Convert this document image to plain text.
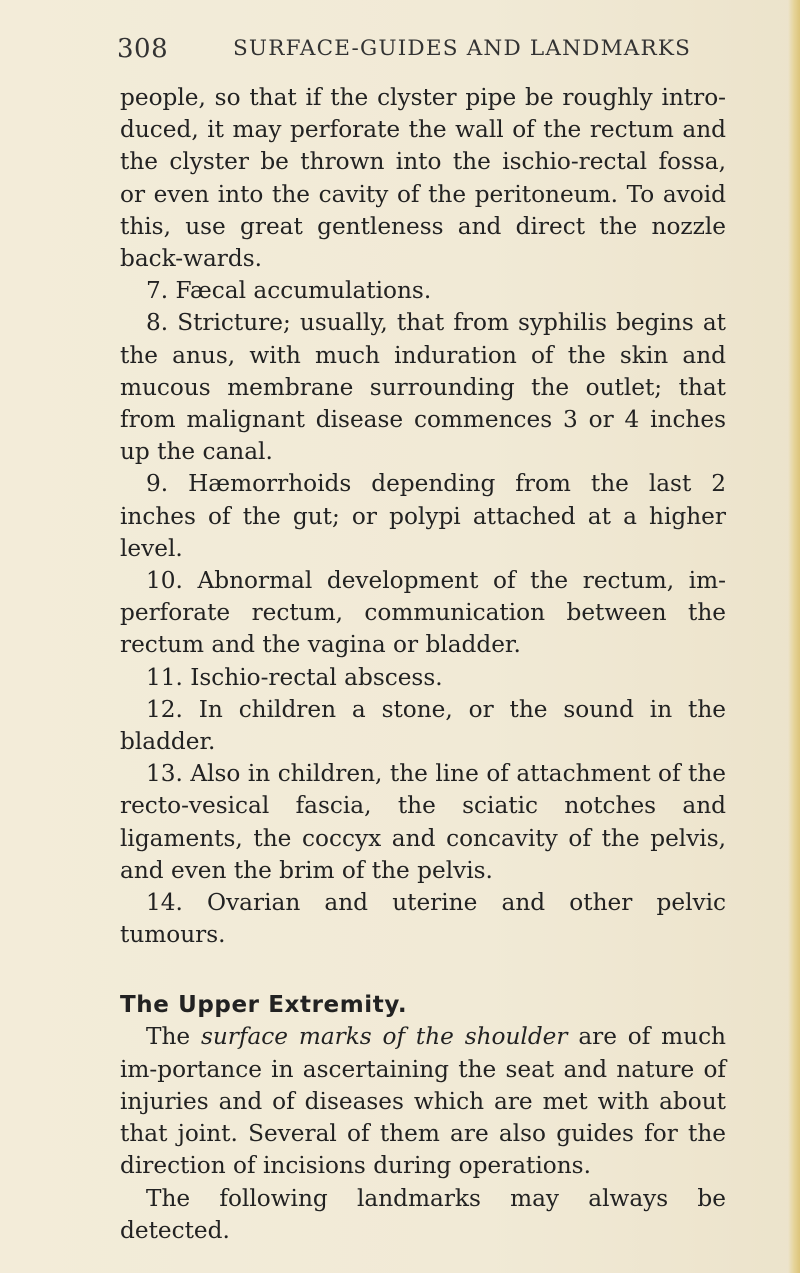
308	SURFACE-GUIDES AND LANDMARKS

people, so that if the clyster pipe be roughly intro-duced, it may perforate the wall of the rectum and the clyster be thrown into the ischio-rectal fossa, or even into the cavity of the peritoneum. To avoid this, use great gentleness and direct the nozzle back-wards.

7. Fæcal accumulations.

8. Stricture; usually, that from syphilis begins at the anus, with much induration of the skin and mucous membrane surrounding the outlet; that from malignant disease commences 3 or 4 inches up the canal.

9. Hæmorrhoids depending from the last 2 inches of the gut; or polypi attached at a higher level.

10. Abnormal development of the rectum, im-perforate rectum, communication between the rectum and the vagina or bladder.

11. Ischio-rectal abscess.

12. In children a stone, or the sound in the bladder.

13. Also in children, the line of attachment of the recto-vesical fascia, the sciatic notches and ligaments, the coccyx and concavity of the pelvis, and even the brim of the pelvis.

14. Ovarian and uterine and other pelvic tumours.

The Upper Extremity.

The surface marks of the shoulder are of much im-portance in ascertaining the seat and nature of injuries and of diseases which are met with about that joint. Several of them are also guides for the direction of incisions during operations.

The following landmarks may always be detected.
